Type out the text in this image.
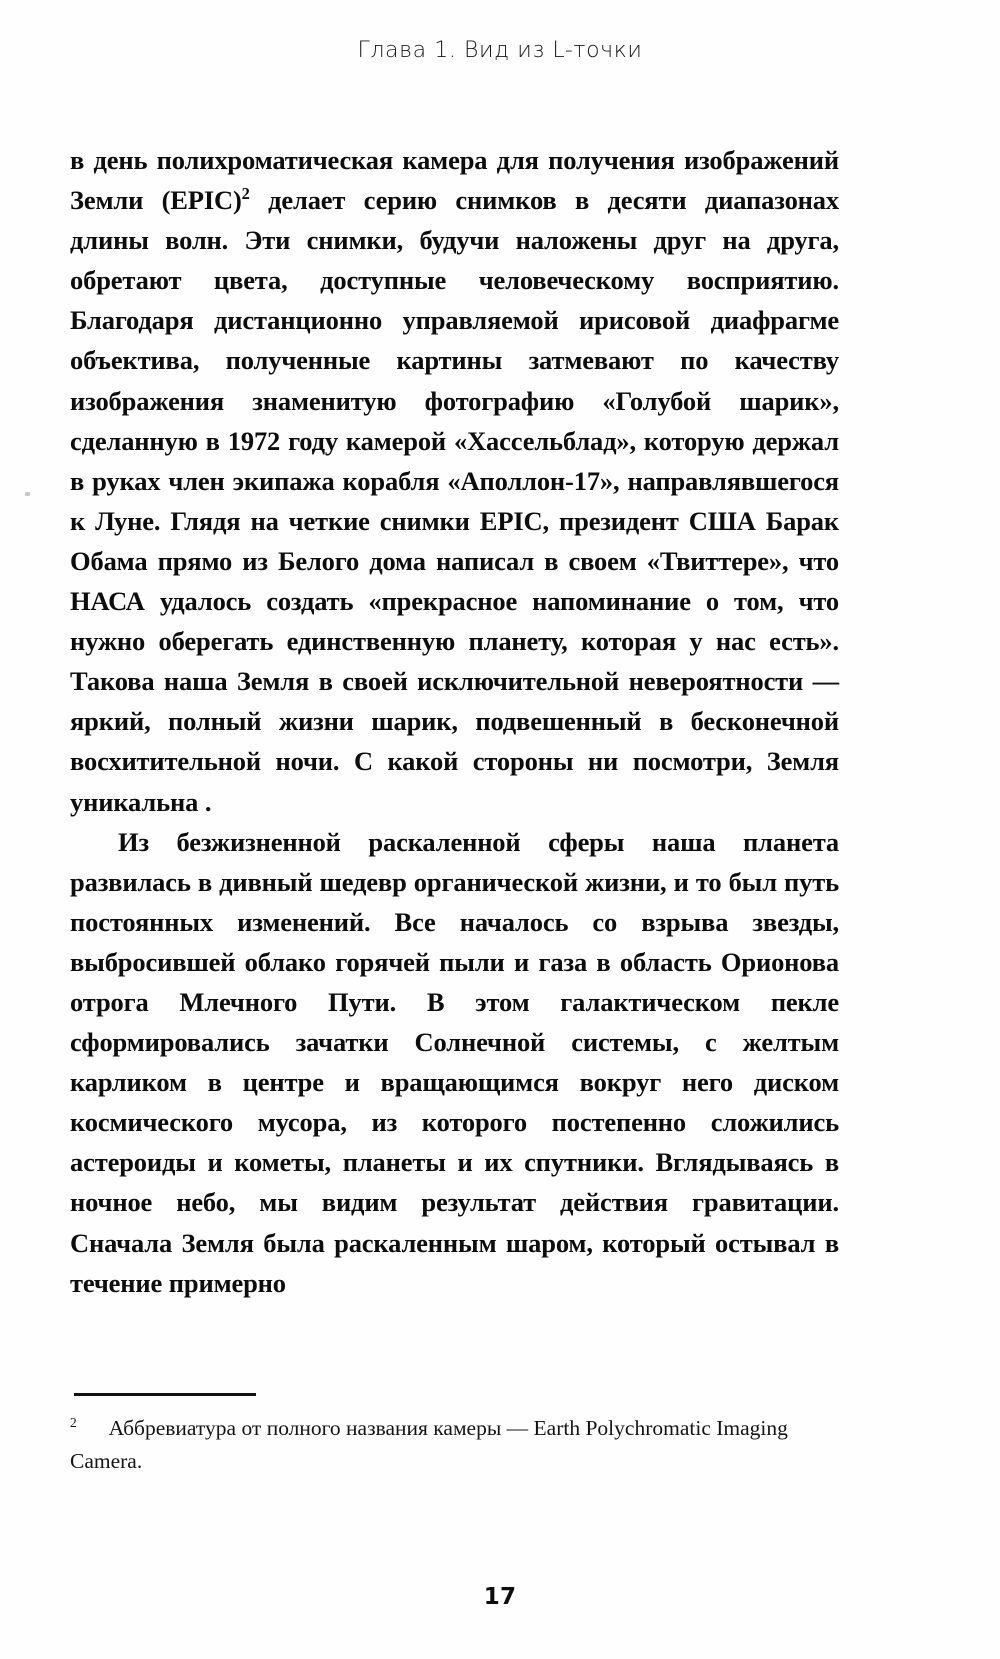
Глава 1. Вид из L-точки

в день полихроматическая камера для получения изображений Земли (EPIC)$^2$ делает серию снимков в десяти диапазонах длины волн. Эти снимки, будучи наложены друг на друга, обретают цвета, доступные человеческому восприятию. Благодаря дистанционно управляемой ирисовой диафрагме объектива, полученные картины затмевают по качеству изображения знаменитую фотографию «Голубой шарик», сделанную в 1972 году камерой «Хассельблад», которую держал в руках член экипажа корабля «Аполлон-17», направлявшегося к Луне. Глядя на четкие снимки EPIC, президент США Барак Обама прямо из Белого дома написал в своем «Твиттере», что НАСА удалось создать «прекрасное напоминание о том, что нужно оберегать единственную планету, которая у нас есть». Такова наша Земля в своей исключительной невероятности — яркий, полный жизни шарик, подвешенный в бесконечной восхитительной ночи. С какой стороны ни посмотри, Земля уникальна .

Из безжизненной раскаленной сферы наша планета развилась в дивный шедевр органической жизни, и то был путь постоянных изменений. Все началось со взрыва звезды, выбросившей облако горячей пыли и газа в область Орионова отрога Млечного Пути. В этом галактическом пекле сформировались зачатки Солнечной системы, с желтым карликом в центре и вращающимся вокруг него диском космического мусора, из которого постепенно сложились астероиды и кометы, планеты и их спутники. Вглядываясь в ночное небо, мы видим результат действия гравитации. Сначала Земля была раскаленным шаром, который остывал в течение примерно

$^2$ Аббревиатура от полного названия камеры — Earth Polychromatic Imaging Camera.

17
